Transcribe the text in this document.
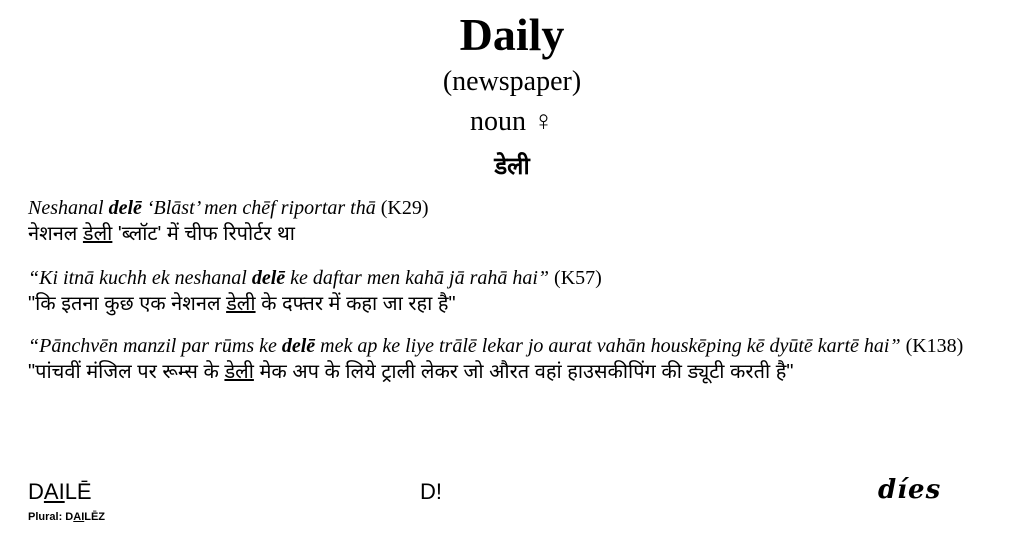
Daily
(newspaper)
noun ♀
डेली
Neshanal delē ‘Blāst’ men chēf riportar thā (K29)
नेशनल डेली 'ब्लॉट' में चीफ रिपोर्टर था
“Ki itnā kuchh ek neshanal delē ke daftar men kahā jā rahā hai” (K57)
"कि इतना कुछ एक नेशनल डेली के दफ्तर में कहा जा रहा है"
“Pānchvēn manzil par rūms ke delē mek ap ke liye trālē lekar jo aurat vahān houskēping kē dyūtē kartē hai” (K138)
"पांचवीं मंजिल पर रूम्स के डेली मेक अप के लिये ट्राली लेकर जो औरत वहां हाउसकीपिंग की ड्यूटी करती है"
DAILĒ
Plural: DAILĒZ
D!	díes
